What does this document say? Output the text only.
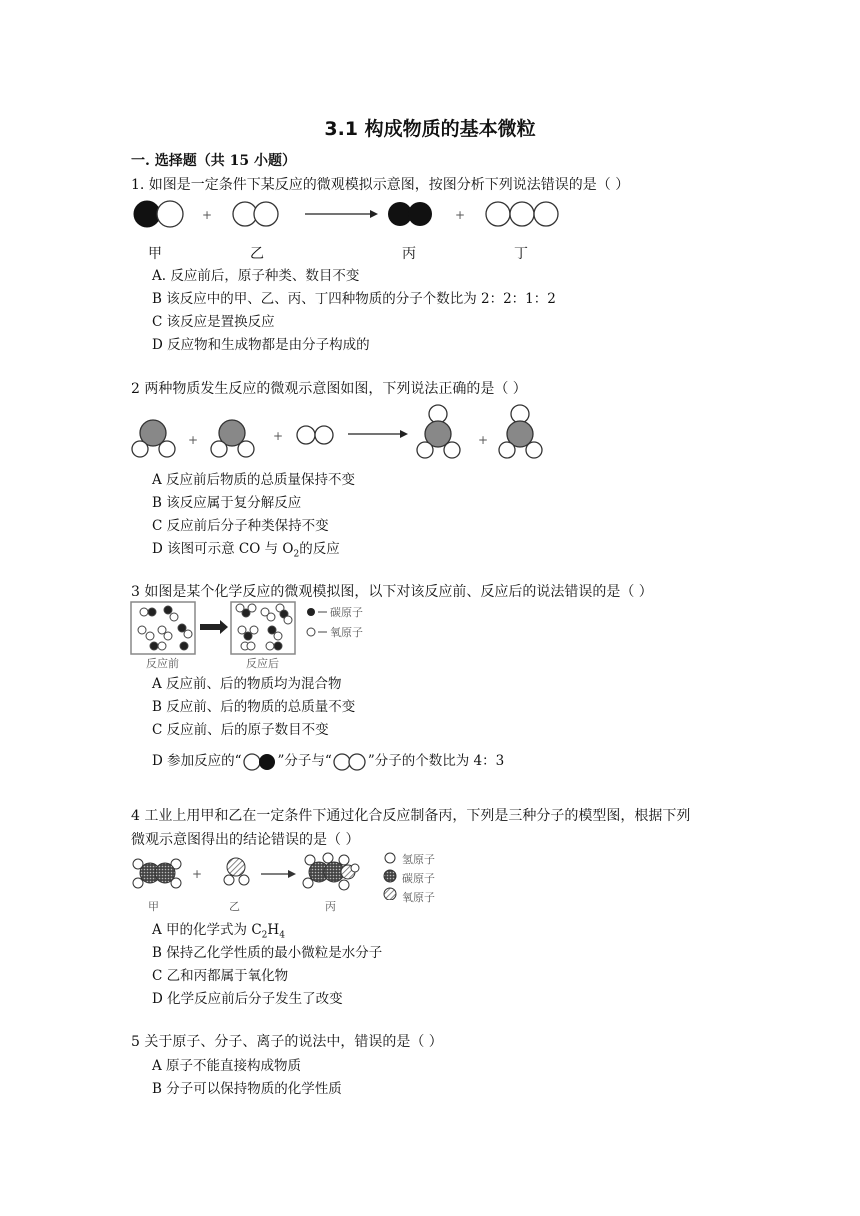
3.1 构成物质的基本微粒
一. 选择题（共 15 小题）
1. 如图是一定条件下某反应的微观模拟示意图，按图分析下列说法错误的是（ ）
+	+
甲	乙	丙	丁
A. 反应前后，原子种类、数目不变
B 该反应中的甲、乙、丙、丁四种物质的分子个数比为 2：2：1：2
C 该反应是置换反应
D 反应物和生成物都是由分子构成的
2 两种物质发生反应的微观示意图如图，下列说法正确的是（ ）
+	+	+
A 反应前后物质的总质量保持不变
B 该反应属于复分解反应
C 反应前后分子种类保持不变
D 该图可示意 CO 与 $O_2$的反应
3 如图是某个化学反应的微观模拟图，以下对该反应前、反应后的说法错误的是（ ）
碳原子
氧原子
反应前	反应后
A 反应前、后的物质均为混合物
B 反应前、后的物质的总质量不变
C 反应前、后的原子数目不变
D 参加反应的“	”分子与“	”分子的个数比为 4：3
4 工业上用甲和乙在一定条件下通过化合反应制备丙，下列是三种分子的模型图，根据下列
微观示意图得出的结论错误的是（ ）
+
氢原子
碳原子
氧原子
甲	乙	丙
A 甲的化学式为 $C_2H_4$
B 保持乙化学性质的最小微粒是水分子
C 乙和丙都属于氧化物
D 化学反应前后分子发生了改变
5 关于原子、分子、离子的说法中，错误的是（ ）
A 原子不能直接构成物质
B 分子可以保持物质的化学性质
